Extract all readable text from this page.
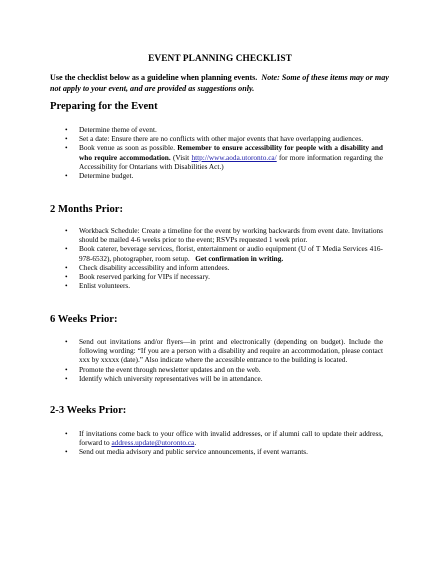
EVENT PLANNING CHECKLIST
Use the checklist below as a guideline when planning events. Note: Some of these items may or may not apply to your event, and are provided as suggestions only.
Preparing for the Event
• Determine theme of event.
• Set a date: Ensure there are no conflicts with other major events that have overlapping audiences.
• Book venue as soon as possible. Remember to ensure accessibility for people with a disability and who require accommodation. (Visit http://www.aoda.utoronto.ca/ for more information regarding the Accessibility for Ontarians with Disabilities Act.)
• Determine budget.
2 Months Prior:
• Workback Schedule: Create a timeline for the event by working backwards from event date. Invitations should be mailed 4-6 weeks prior to the event; RSVPs requested 1 week prior.
• Book caterer, beverage services, florist, entertainment or audio equipment (U of T Media Services 416-978-6532), photographer, room setup. Get confirmation in writing.
• Check disability accessibility and inform attendees.
• Book reserved parking for VIPs if necessary.
• Enlist volunteers.
6 Weeks Prior:
• Send out invitations and/or flyers—in print and electronically (depending on budget). Include the following wording: “If you are a person with a disability and require an accommodation, please contact xxx by xxxxx (date).” Also indicate where the accessible entrance to the building is located.
• Promote the event through newsletter updates and on the web.
• Identify which university representatives will be in attendance.
2-3 Weeks Prior:
• If invitations come back to your office with invalid addresses, or if alumni call to update their address, forward to address.update@utoronto.ca.
• Send out media advisory and public service announcements, if event warrants.
